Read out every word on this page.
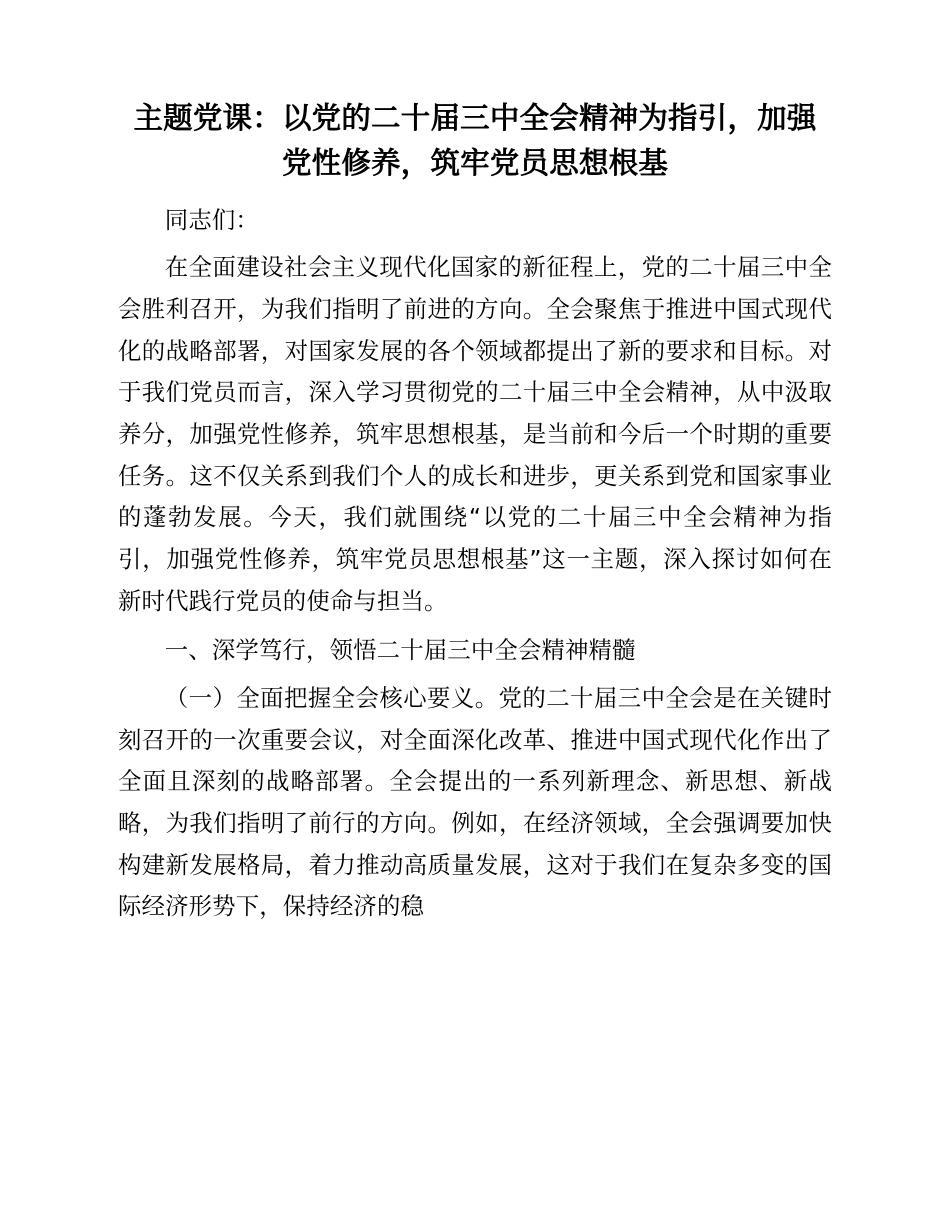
主题党课：以党的二十届三中全会精神为指引，加强党性修养，筑牢党员思想根基

同志们：

在全面建设社会主义现代化国家的新征程上，党的二十届三中全会胜利召开，为我们指明了前进的方向。全会聚焦于推进中国式现代化的战略部署，对国家发展的各个领域都提出了新的要求和目标。对于我们党员而言，深入学习贯彻党的二十届三中全会精神，从中汲取养分，加强党性修养，筑牢思想根基，是当前和今后一个时期的重要任务。这不仅关系到我们个人的成长和进步，更关系到党和国家事业的蓬勃发展。今天，我们就围绕“以党的二十届三中全会精神为指引，加强党性修养，筑牢党员思想根基”这一主题，深入探讨如何在新时代践行党员的使命与担当。

一、深学笃行，领悟二十届三中全会精神精髓

（一）全面把握全会核心要义。党的二十届三中全会是在关键时刻召开的一次重要会议，对全面深化改革、推进中国式现代化作出了全面且深刻的战略部署。全会提出的一系列新理念、新思想、新战略，为我们指明了前行的方向。例如，在经济领域，全会强调要加快构建新发展格局，着力推动高质量发展，这对于我们在复杂多变的国际经济形势下，保持经济的稳
